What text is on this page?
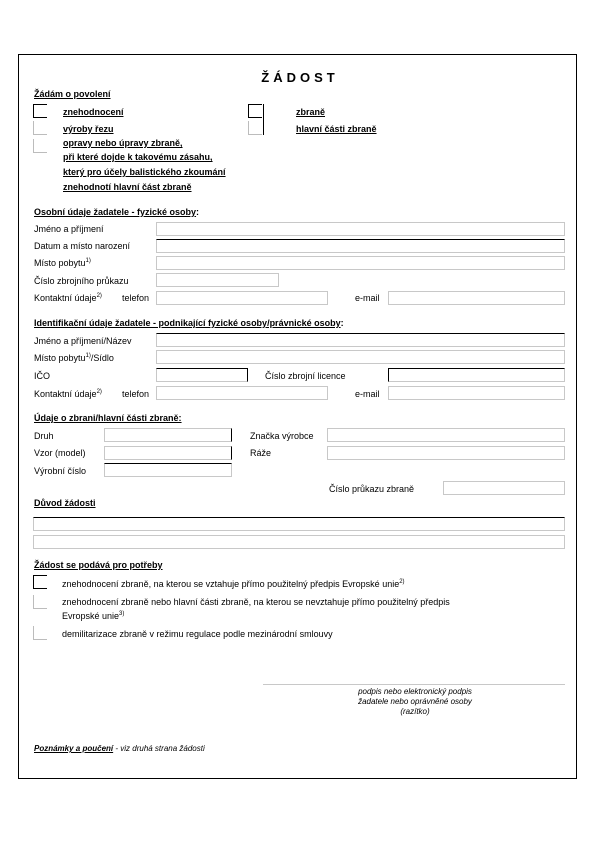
ŽÁDOST
Žádám o povolení
znehodnocení
výroby řezu
opravy nebo úpravy zbraně,
při které dojde k takovému zásahu,
který pro účely balistického zkoumání
znehodnotí hlavní část zbraně
zbraně
hlavní části zbraně
Osobní údaje žadatele - fyzické osoby:
Jméno a příjmení
Datum a místo narození
Místo pobytu$^{1)}$
Číslo zbrojního průkazu
Kontaktní údaje$^{2)}$ telefon	e-mail
Identifikační údaje žadatele - podnikající fyzické osoby/právnické osoby:
Jméno a příjmení/Název
Místo pobytu$^{1)}$/Sídlo
IČO	Číslo zbrojní licence
Kontaktní údaje$^{2)}$ telefon	e-mail
Údaje o zbrani/hlavní části zbraně:
Druh	Značka výrobce
Vzor (model)	Ráže
Výrobní číslo
Číslo průkazu zbraně
Důvod žádosti
Žádost se podává pro potřeby
znehodnocení zbraně, na kterou se vztahuje přímo použitelný předpis Evropské unie$^{2)}$
znehodnocení zbraně nebo hlavní části zbraně, na kterou se nevztahuje přímo použitelný předpis
Evropské unie$^{3)}$
demilitarizace zbraně v režimu regulace podle mezinárodní smlouvy
podpis nebo elektronický podpis
žadatele nebo oprávněné osoby
(razítko)
Poznámky a poučení - viz druhá strana žádosti
